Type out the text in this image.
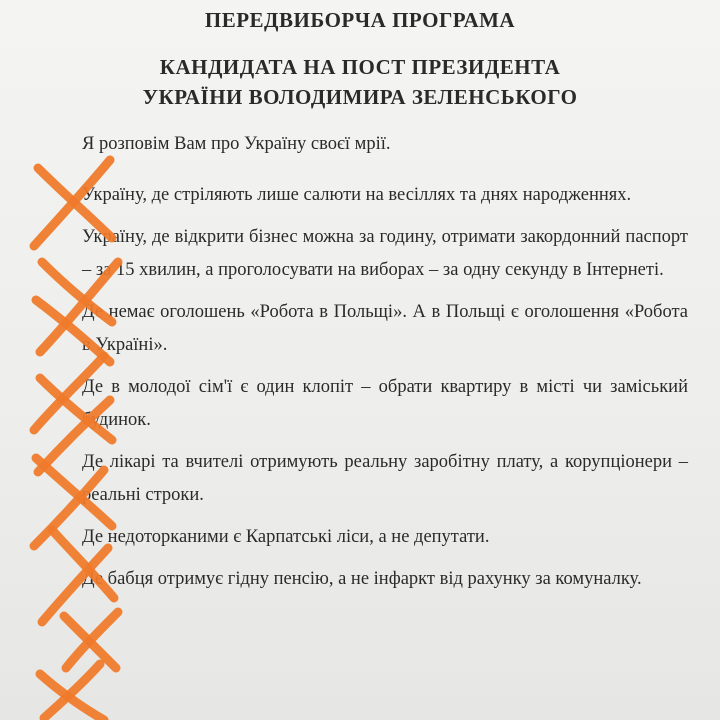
ПЕРЕДВИБОРЧА ПРОГРАМА
КАНДИДАТА НА ПОСТ ПРЕЗИДЕНТА
УКРАЇНИ ВОЛОДИМИРА ЗЕЛЕНСЬКОГО

Я розповім Вам про Україну своєї мрії.

Україну, де стріляють лише салюти на весіллях та днях народженнях.

Україну, де відкрити бізнес можна за годину, отримати закордонний паспорт – за 15 хвилин, а проголосувати на виборах – за одну секунду в Інтернеті.

Де немає оголошень «Робота в Польщі». А в Польщі є оголошення «Робота в Україні».

Де в молодої сім'ї є один клопіт – обрати квартиру в місті чи заміський будинок.

Де лікарі та вчителі отримують реальну заробітну плату, а корупціонери – реальні строки.

Де недоторканими є Карпатські ліси, а не депутати.

Де бабця отримує гідну пенсію, а не інфаркт від рахунку за комуналку.
